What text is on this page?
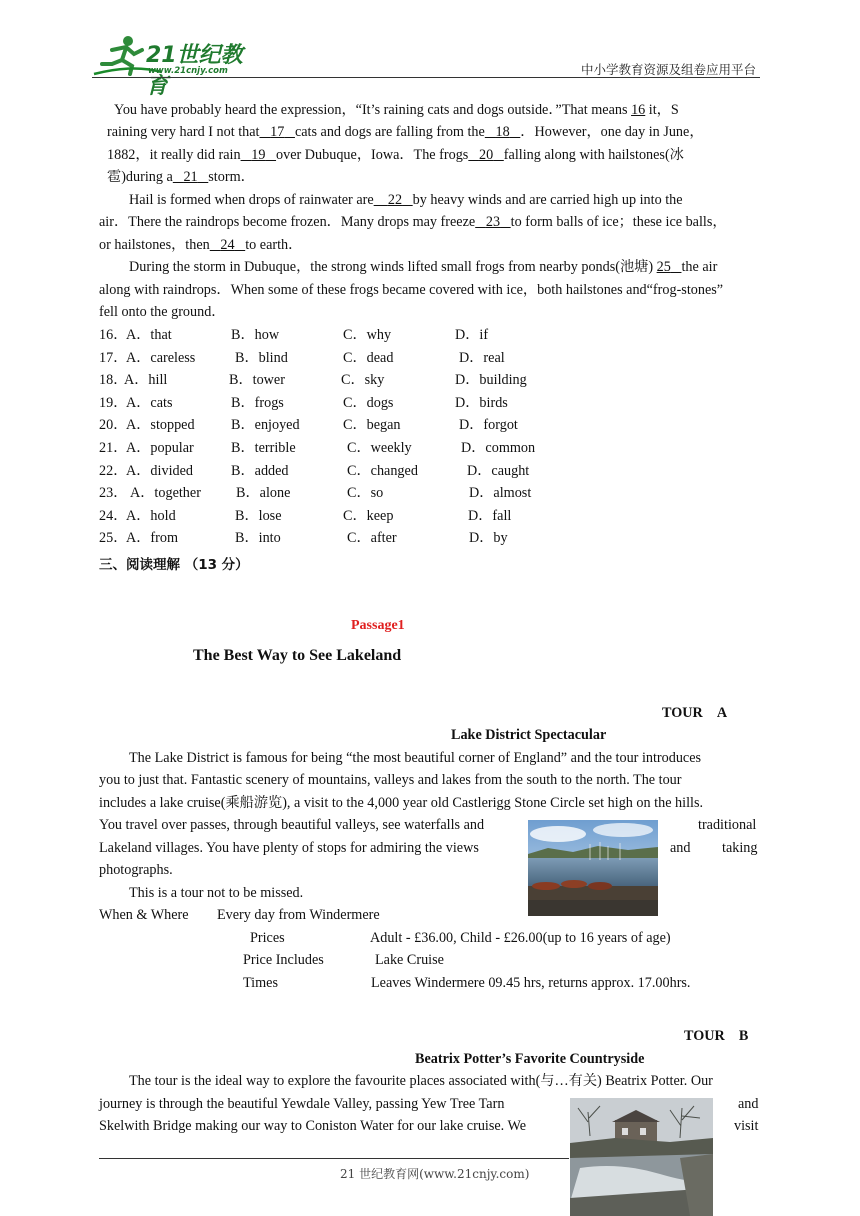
21世纪教育
www.21cnjy.com	中小学教育资源及组卷应用平台
You have probably heard the expression，“It’s raining cats and dogs outside．”That means 16 it，S
raining very hard I not that 17 cats and dogs are falling from the 18 ．However，one day in June，
1882，it really did rain 19 over Dubuque，Iowa．The frogs 20 falling along with hailstones(冰
雹)during a 21 storm．
Hail is formed when drops of rainwater are 22 by heavy winds and are carried high up into the
air．There the raindrops become frozen．Many drops may freeze 23 to form balls of ice；these ice balls，
or hailstones，then 24 to earth．
During the storm in Dubuque，the strong winds lifted small frogs from nearby ponds(池塘) 25 the air
along with raindrops．When some of these frogs became covered with ice，both hailstones and“frog-stones”
fell onto the ground．
16．
A．that	B．how	C．why	D．if
17．
A．careless	B．blind	C．dead	D．real
18．
A．hill	B．tower	C．sky	D．building
19．
A．cats	B．frogs	C．dogs	D．birds
20．
A．stopped	B．enjoyed	C．began	D．forgot
21．
A．popular	B．terrible	C．weekly	D．common
22．
A．divided	B．added	C．changed	D．caught
23． A．together B．alone	C．so	D．almost
24．
A．hold	B．lose	C．keep	D．fall
25．
A．from	B．into	C．after	D．by
三、阅读理解 （13 分）
Passage1
The Best Way to See Lakeland
TOUR　A
Lake District Spectacular
The Lake District is famous for being “the most beautiful corner of England” and the tour introduces
you to just that. Fantastic scenery of mountains, valleys and lakes from the south to the north. The tour
includes a lake cruise(乘船游览), a visit to the 4,000 year old Castlerigg Stone Circle set high on the hills.
You travel over passes, through beautiful valleys, see waterfalls and	traditional
Lakeland villages. You have plenty of stops for admiring the views	and taking
photographs.
This is a tour not to be missed.
When & Where Every day from Windermere
Prices	Adult - £36.00, Child - £26.00(up to 16 years of age)
Price Includes	Lake Cruise
Times	Leaves Windermere 09.45 hrs, returns approx. 17.00hrs.
TOUR　B
Beatrix Potter’s Favorite Countryside
The tour is the ideal way to explore the favourite places associated with(与…有关) Beatrix Potter. Our
journey is through the beautiful Yewdale Valley, passing Yew Tree Tarn	and
Skelwith Bridge making our way to Coniston Water for our lake cruise. We	visit
21 世纪教育网(www.21cnjy.com)
